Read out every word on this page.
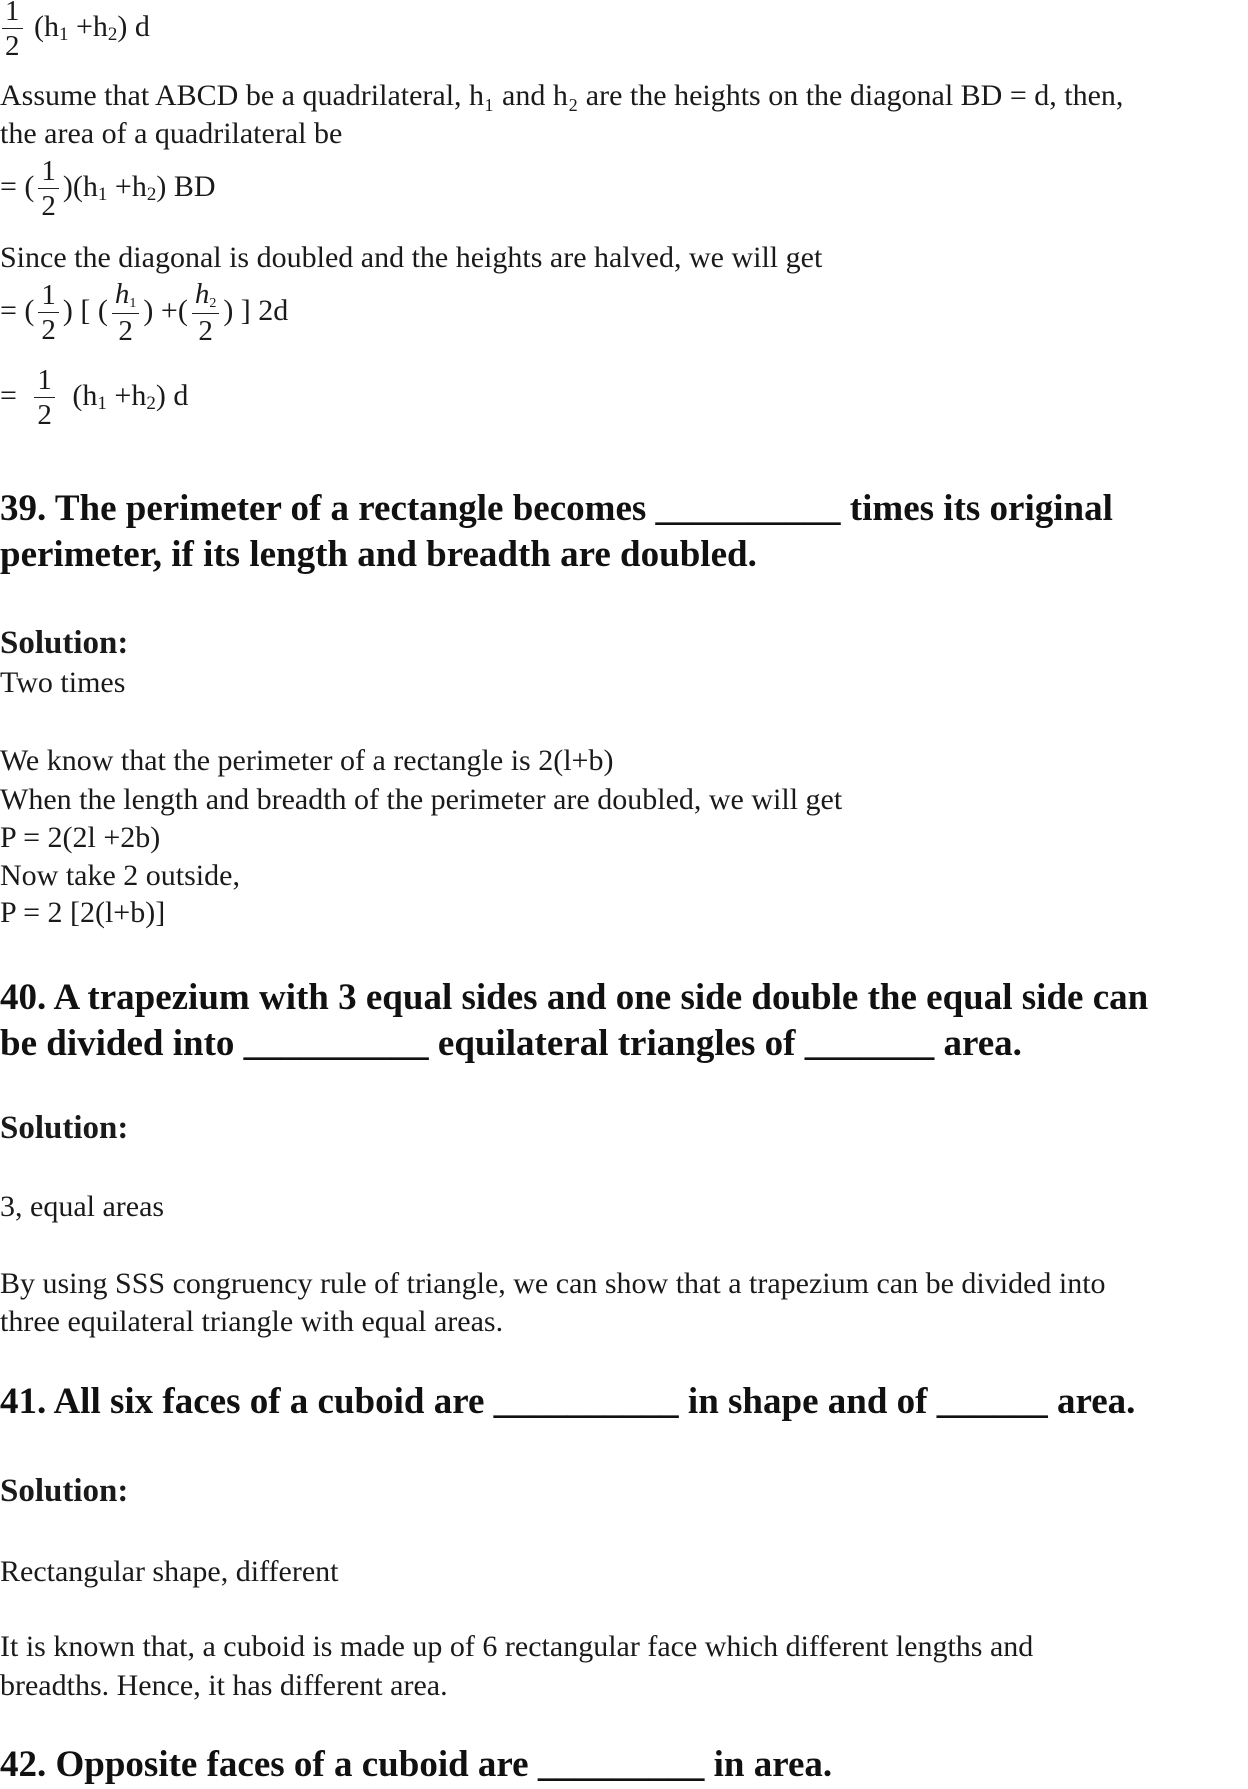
$\frac{1}{2} (h_1 +h_2)$ d
Assume that ABCD be a quadrilateral, h₁ and h₂ are the heights on the diagonal BD = d, then,
the area of a quadrilateral be
= ( $\frac{1}{2} )(h_1 +h_2)$ BD
Since the diagonal is doubled and the heights are halved, we will get
= ( $\frac{1}{2}$ ) [ ( $\frac{h_1}{2}$ ) +( $\frac{h_2}{2}$ ) ] 2d
= $\frac{1}{2} (h_1 +h_2)$ d
39. The perimeter of a rectangle becomes __________ times its original
perimeter, if its length and breadth are doubled.
Solution:
Two times
We know that the perimeter of a rectangle is 2(l+b)
When the length and breadth of the perimeter are doubled, we will get
P = 2(2l +2b)
Now take 2 outside,
P = 2 [2(l+b)]
40. A trapezium with 3 equal sides and one side double the equal side can
be divided into __________ equilateral triangles of _______ area.
Solution:
3, equal areas
By using SSS congruency rule of triangle, we can show that a trapezium can be divided into
three equilateral triangle with equal areas.
41. All six faces of a cuboid are __________ in shape and of ______ area.
Solution:
Rectangular shape, different
It is known that, a cuboid is made up of 6 rectangular face which different lengths and
breadths. Hence, it has different area.
42. Opposite faces of a cuboid are _________ in area.
